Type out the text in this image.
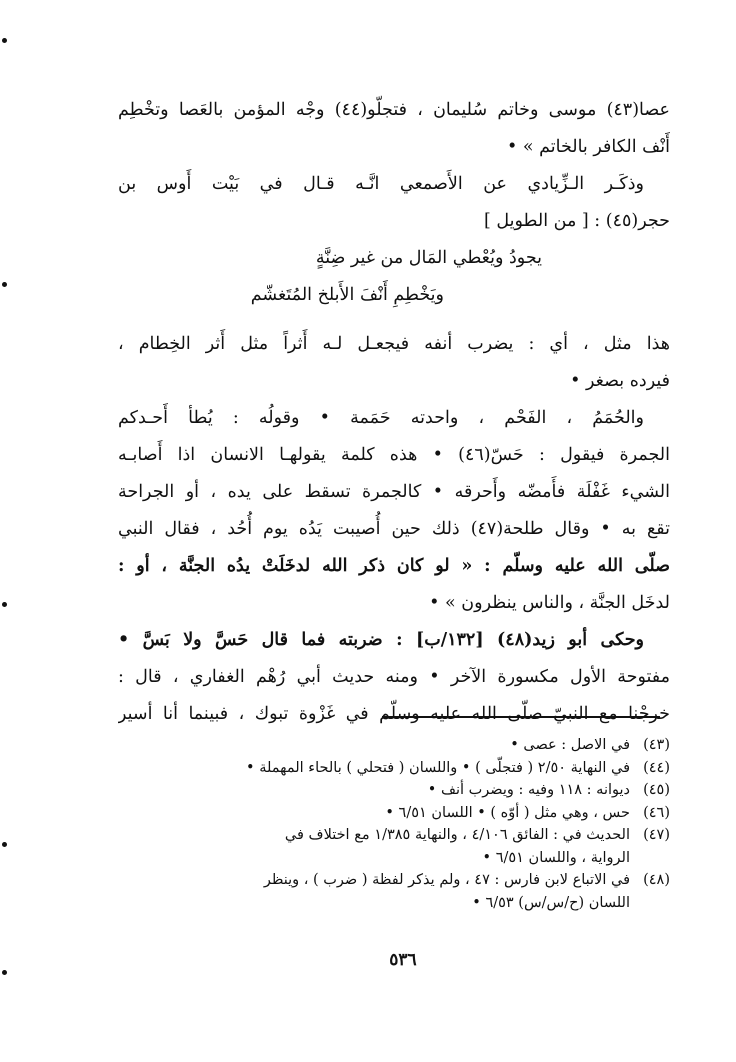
عصا(٤٣) موسى وخاتم سُليمان ، فتجلّو(٤٤) وجْه المؤمن بالعَصا وتخْطِم
أَنْف الكافر بالخاتم » •
وذكَـر الـزِّيادي عن الأَصمعي انَّـه قـال في بَيْت أَوس بن
حجر(٤٥) : [ من الطويل ]
يجودُ ويُعْطي المَال من غير ضِنَّةٍ
ويَخْطِمِ أَنْفَ الأَبلخ المُتَغشّم
هذا مثل ، أي : يضرب أنفه فيجعـل لـه أَثراً مثل أَثر الخِطام ،
فيرده بصغر •
والحُمَمُ ، الفَحْم ، واحدته حَمَمة • وقولُه : يُطأ أَحـدكم
الجمرة فيقول : حَسّ(٤٦) • هذه كلمة يقولهـا الانسان اذا أَصابـه
الشيء غَفْلَة فأَمضّه وأَحرقه • كالجمرة تسقط على يده ، أو الجراحة
تقع به • وقال طلحة(٤٧) ذلك حين أُصيبت يَدُه يوم أُحُد ، فقال النبي
صلّى الله عليه وسلّم : « لو كان ذكر الله لدخَلَتْ يدُه الجنَّة ، أو :
لدخَل الجنَّة ، والناس ينظرون » •
وحكى أبو زيد(٤٨) [١٣٢/ب] : ضربته فما قال حَسَّ ولا بَسَّ •
مفتوحة الأول مكسورة الآخر • ومنه حديث أبي رُهْم الغفاري ، قال :
خرجْنا مع النبيّ صلّى الله عليه وسلّم في غَزْوة تبوك ، فبينما أنا أسير
(٤٣)
في الاصل : عصى •
(٤٤)
في النهاية ٢/٥٠ ( فتجلّى ) • واللسان ( فتحلي ) بالحاء المهملة •
(٤٥)
ديوانه : ١١٨ وفيه : ويضرب أنف •
(٤٦)
حس ، وهي مثل ( أوّه ) • اللسان ٦/٥١ •
(٤٧)
الحديث في : الفائق ٤/١٠٦ ، والنهاية ١/٣٨٥ مع اختلاف في
الرواية ، واللسان ٦/٥١ •
(٤٨)
في الاتباع لابن فارس : ٤٧ ، ولم يذكر لفظة ( ضرب ) ، وينظر
اللسان (ح/س/س) ٦/٥٣ •
٥٣٦
